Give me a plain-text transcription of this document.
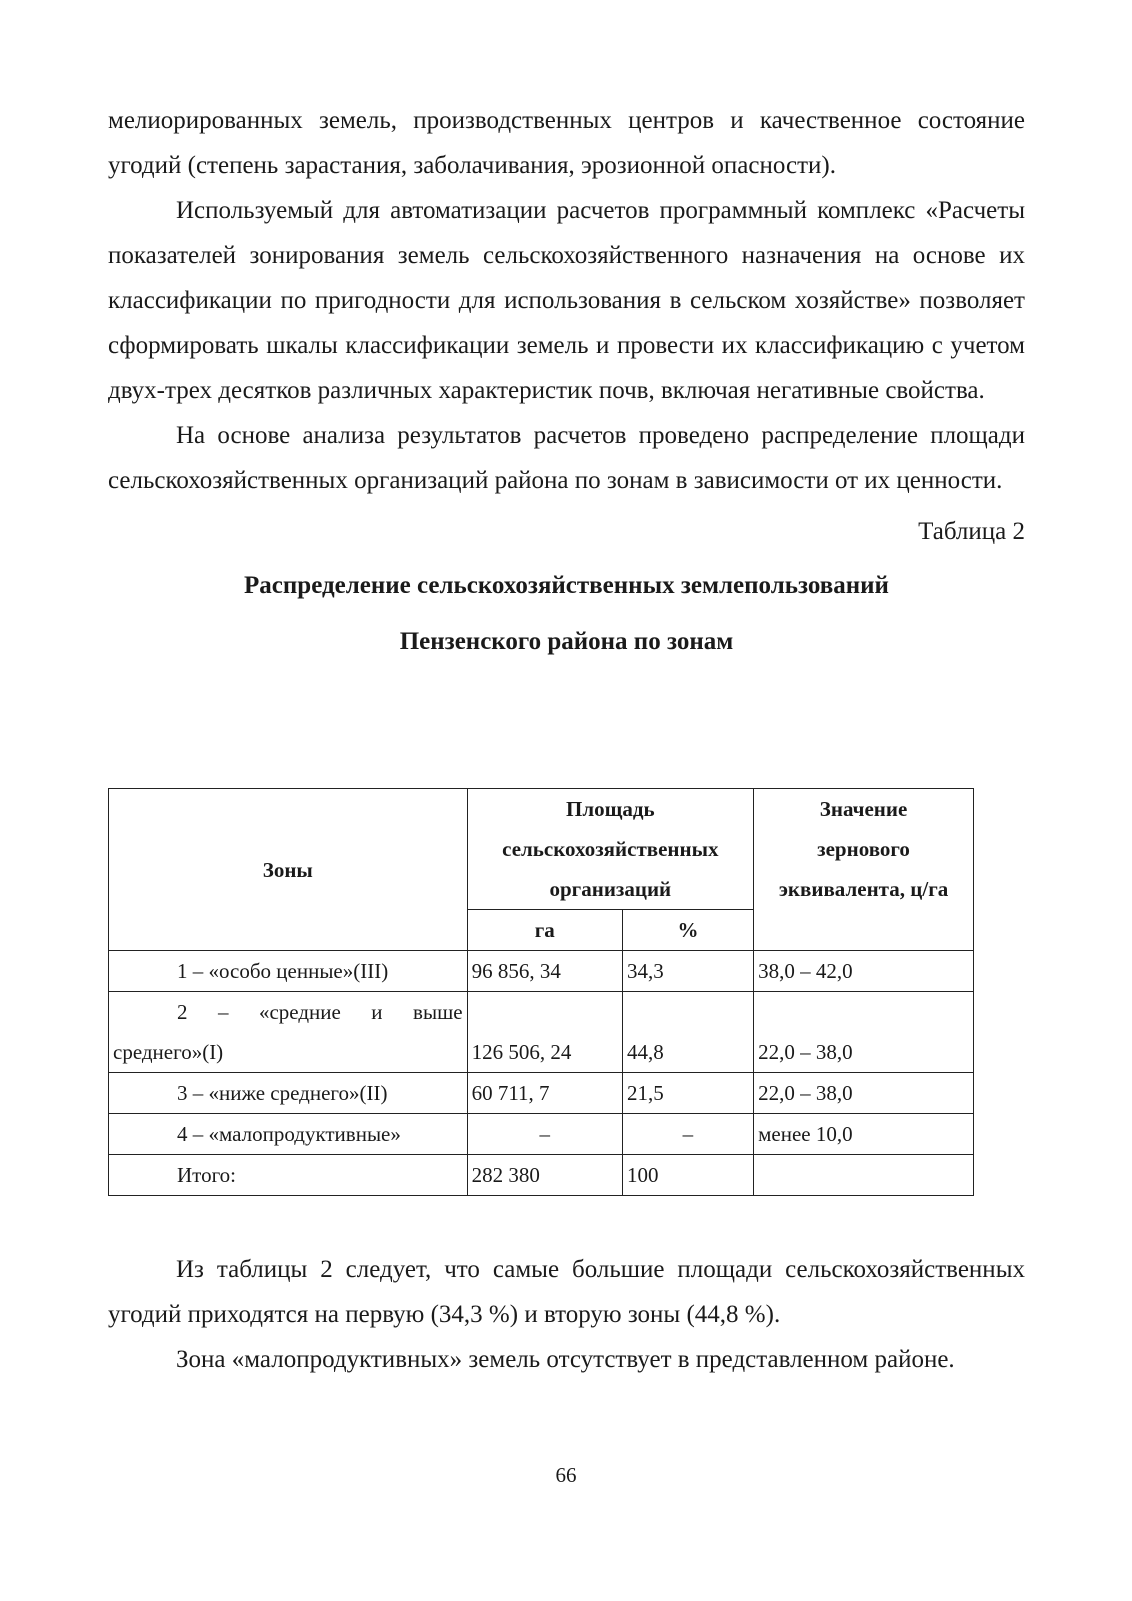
мелиорированных земель, производственных центров и качественное состояние угодий (степень зарастания, заболачивания, эрозионной опасности).

Используемый для автоматизации расчетов программный комплекс «Расчеты показателей зонирования земель сельскохозяйственного назначения на основе их классификации по пригодности для использования в сельском хозяйстве» позволяет сформировать шкалы классификации земель и провести их классификацию с учетом двух-трех десятков различных характеристик почв, включая негативные свойства.

На основе анализа результатов расчетов проведено распределение площади сельскохозяйственных организаций района по зонам в зависимости от их ценности.

Таблица 2
Распределение сельскохозяйственных землепользований
Пензенского района по зонам
Зоны	Площадь сельскохозяйственных организаций		Значение зернового эквивалента, ц/га
	га	%	
1 – «особо ценные»(III)	96 856, 34	34,3	38,0 – 42,0
2 – «средние и выше среднего»(I)	126 506, 24	44,8	22,0 – 38,0
3 – «ниже среднего»(II)	60 711, 7	21,5	22,0 – 38,0
4 – «малопродуктивные»	–	–	менее 10,0
Итого:	282 380	100	

Из таблицы 2 следует, что самые большие площади сельскохозяйственных угодий приходятся на первую (34,3 %) и вторую зоны (44,8 %).

Зона «малопродуктивных» земель отсутствует в представленном районе.

66
